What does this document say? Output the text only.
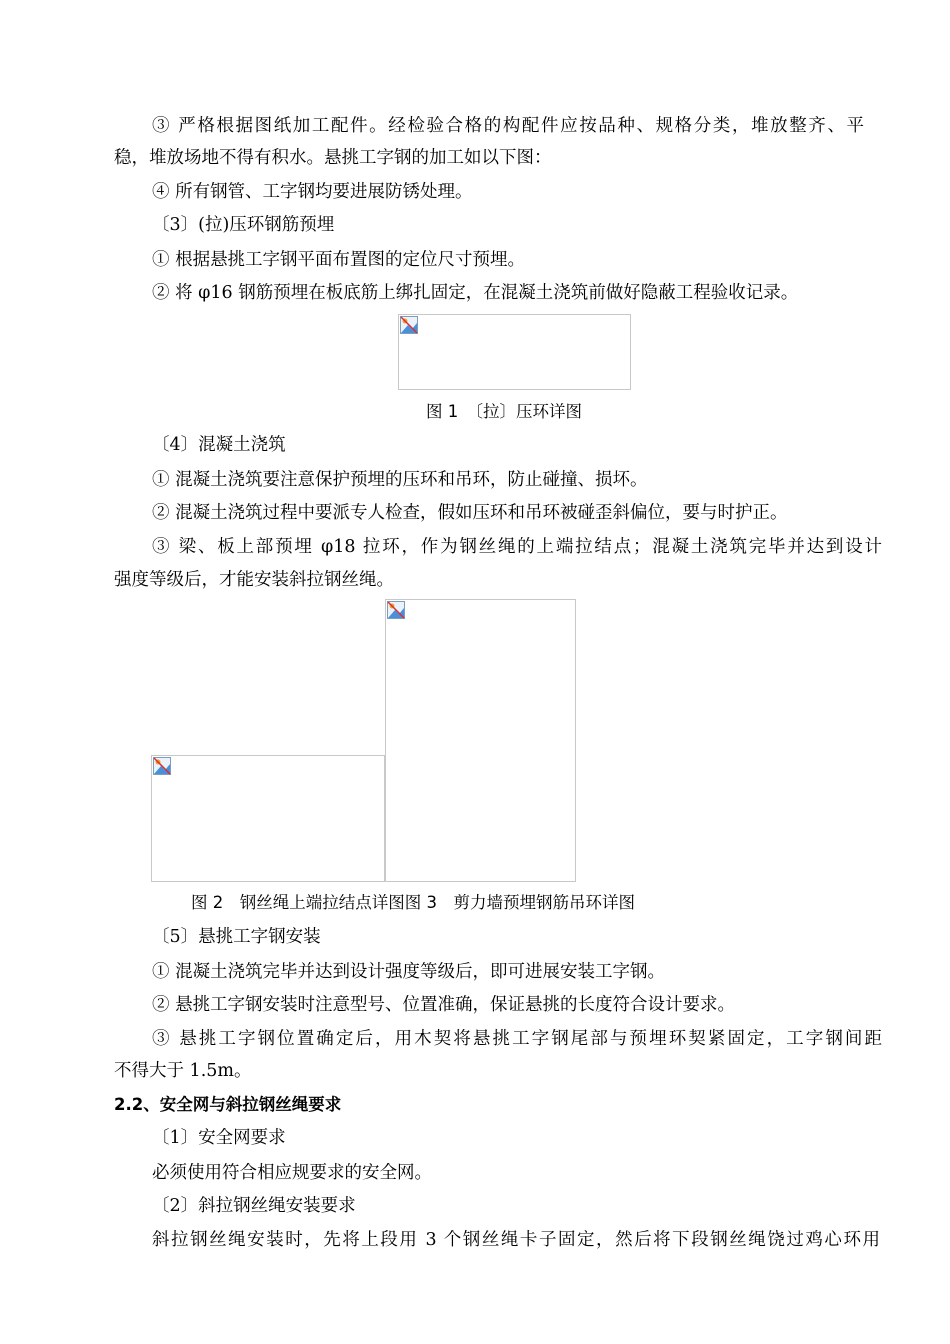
③ 严格根据图纸加工配件。经检验合格的构配件应按品种、规格分类，堆放整齐、平
稳，堆放场地不得有积水。悬挑工字钢的加工如以下图：
④ 所有钢管、工字钢均要进展防锈处理。
〔3〕(拉)压环钢筋预埋
① 根据悬挑工字钢平面布置图的定位尺寸预埋。
② 将 φ16 钢筋预埋在板底筋上绑扎固定，在混凝土浇筑前做好隐蔽工程验收记录。
图 1　〔拉〕压环详图
〔4〕混凝土浇筑
① 混凝土浇筑要注意保护预埋的压环和吊环，防止碰撞、损坏。
② 混凝土浇筑过程中要派专人检查，假如压环和吊环被碰歪斜偏位，要与时护正。
③ 梁、板上部预埋 φ18 拉环，作为钢丝绳的上端拉结点；混凝土浇筑完毕并达到设计
强度等级后，才能安装斜拉钢丝绳。
图 2　钢丝绳上端拉结点详图图 3　剪力墙预埋钢筋吊环详图
〔5〕悬挑工字钢安装
① 混凝土浇筑完毕并达到设计强度等级后，即可进展安装工字钢。
② 悬挑工字钢安装时注意型号、位置准确，保证悬挑的长度符合设计要求。
③ 悬挑工字钢位置确定后，用木契将悬挑工字钢尾部与预埋环契紧固定，工字钢间距
不得大于 1.5m。
2.2、安全网与斜拉钢丝绳要求
〔1〕安全网要求
必须使用符合相应规要求的安全网。
〔2〕斜拉钢丝绳安装要求
斜拉钢丝绳安装时，先将上段用 3 个钢丝绳卡子固定，然后将下段钢丝绳饶过鸡心环用
